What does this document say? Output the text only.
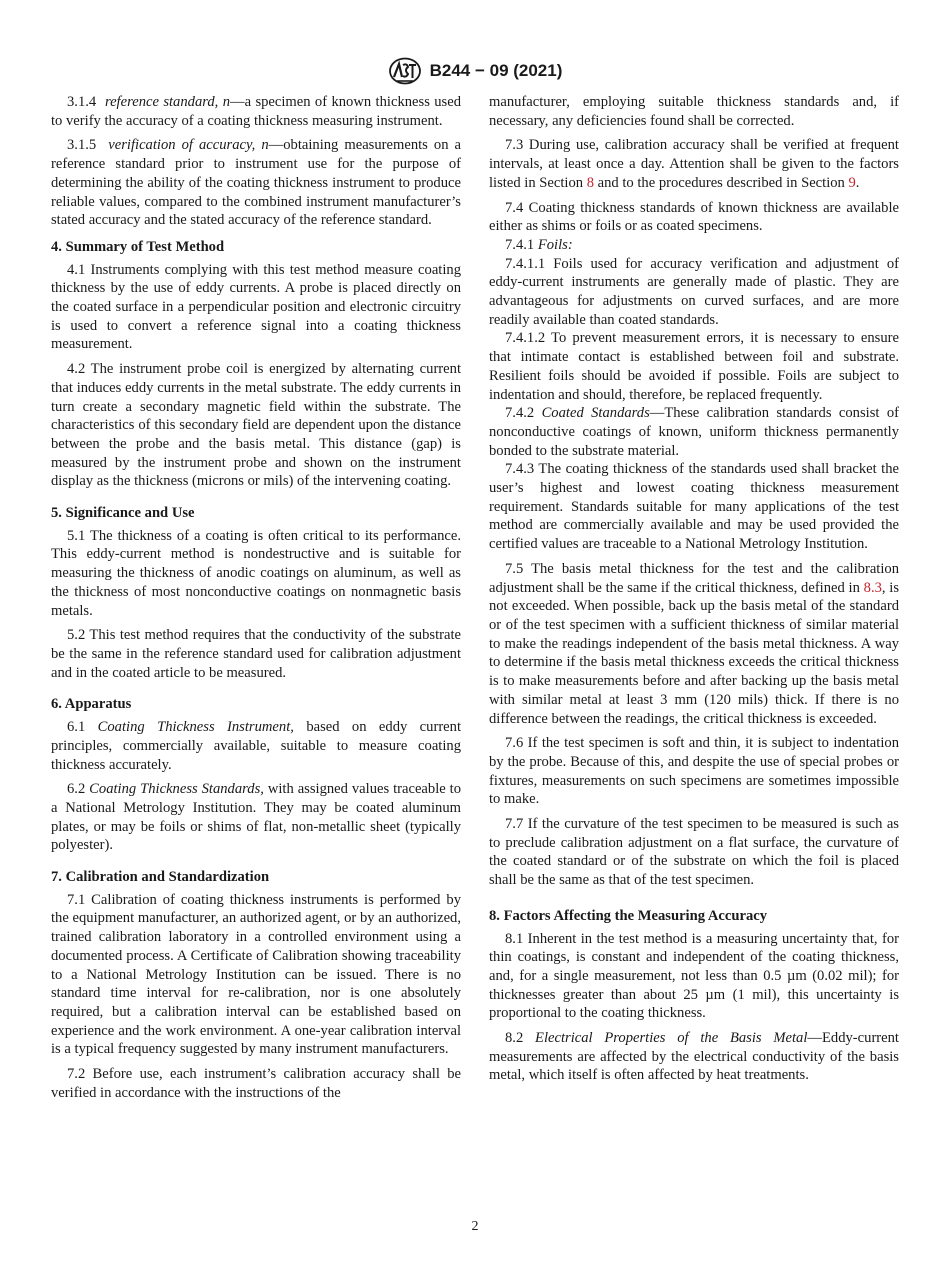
B244 − 09 (2021)

3.1.4 reference standard, n—a specimen of known thickness used to verify the accuracy of a coating thickness measuring instrument.

3.1.5 verification of accuracy, n—obtaining measurements on a reference standard prior to instrument use for the purpose of determining the ability of the coating thickness instrument to produce reliable values, compared to the combined instrument manufacturer’s stated accuracy and the stated accuracy of the reference standard.

4. Summary of Test Method

4.1 Instruments complying with this test method measure coating thickness by the use of eddy currents. A probe is placed directly on the coated surface in a perpendicular position and electronic circuitry is used to convert a reference signal into a coating thickness measurement.

4.2 The instrument probe coil is energized by alternating current that induces eddy currents in the metal substrate. The eddy currents in turn create a secondary magnetic field within the substrate. The characteristics of this secondary field are dependent upon the distance between the probe and the basis metal. This distance (gap) is measured by the instrument probe and shown on the instrument display as the thickness (microns or mils) of the intervening coating.

5. Significance and Use

5.1 The thickness of a coating is often critical to its performance. This eddy-current method is nondestructive and is suitable for measuring the thickness of anodic coatings on aluminum, as well as the thickness of most nonconductive coatings on nonmagnetic basis metals.

5.2 This test method requires that the conductivity of the substrate be the same in the reference standard used for calibration adjustment and in the coated article to be measured.

6. Apparatus

6.1 Coating Thickness Instrument, based on eddy current principles, commercially available, suitable to measure coating thickness accurately.

6.2 Coating Thickness Standards, with assigned values traceable to a National Metrology Institution. They may be coated aluminum plates, or may be foils or shims of flat, non-metallic sheet (typically polyester).

7. Calibration and Standardization

7.1 Calibration of coating thickness instruments is performed by the equipment manufacturer, an authorized agent, or by an authorized, trained calibration laboratory in a controlled environment using a documented process. A Certificate of Calibration showing traceability to a National Metrology Institution can be issued. There is no standard time interval for re-calibration, nor is one absolutely required, but a calibration interval can be established based on experience and the work environment. A one-year calibration interval is a typical frequency suggested by many instrument manufacturers.

7.2 Before use, each instrument’s calibration accuracy shall be verified in accordance with the instructions of the

manufacturer, employing suitable thickness standards and, if necessary, any deficiencies found shall be corrected.

7.3 During use, calibration accuracy shall be verified at frequent intervals, at least once a day. Attention shall be given to the factors listed in Section 8 and to the procedures described in Section 9.

7.4 Coating thickness standards of known thickness are available either as shims or foils or as coated specimens.

7.4.1 Foils:

7.4.1.1 Foils used for accuracy verification and adjustment of eddy-current instruments are generally made of plastic. They are advantageous for adjustments on curved surfaces, and are more readily available than coated standards.

7.4.1.2 To prevent measurement errors, it is necessary to ensure that intimate contact is established between foil and substrate. Resilient foils should be avoided if possible. Foils are subject to indentation and should, therefore, be replaced frequently.

7.4.2 Coated Standards—These calibration standards consist of nonconductive coatings of known, uniform thickness permanently bonded to the substrate material.

7.4.3 The coating thickness of the standards used shall bracket the user’s highest and lowest coating thickness measurement requirement. Standards suitable for many applications of the test method are commercially available and may be used provided the certified values are traceable to a National Metrology Institution.

7.5 The basis metal thickness for the test and the calibration adjustment shall be the same if the critical thickness, defined in 8.3, is not exceeded. When possible, back up the basis metal of the standard or of the test specimen with a sufficient thickness of similar material to make the readings independent of the basis metal thickness. A way to determine if the basis metal thickness exceeds the critical thickness is to make measurements before and after backing up the basis metal with similar metal at least 3 mm (120 mils) thick. If there is no difference between the readings, the critical thickness is exceeded.

7.6 If the test specimen is soft and thin, it is subject to indentation by the probe. Because of this, and despite the use of special probes or fixtures, measurements on such specimens are sometimes impossible to make.

7.7 If the curvature of the test specimen to be measured is such as to preclude calibration adjustment on a flat surface, the curvature of the coated standard or of the substrate on which the foil is placed shall be the same as that of the test specimen.

8. Factors Affecting the Measuring Accuracy

8.1 Inherent in the test method is a measuring uncertainty that, for thin coatings, is constant and independent of the coating thickness, and, for a single measurement, not less than 0.5 µm (0.02 mil); for thicknesses greater than about 25 µm (1 mil), this uncertainty is proportional to the coating thickness.

8.2 Electrical Properties of the Basis Metal—Eddy-current measurements are affected by the electrical conductivity of the basis metal, which itself is often affected by heat treatments.

2
